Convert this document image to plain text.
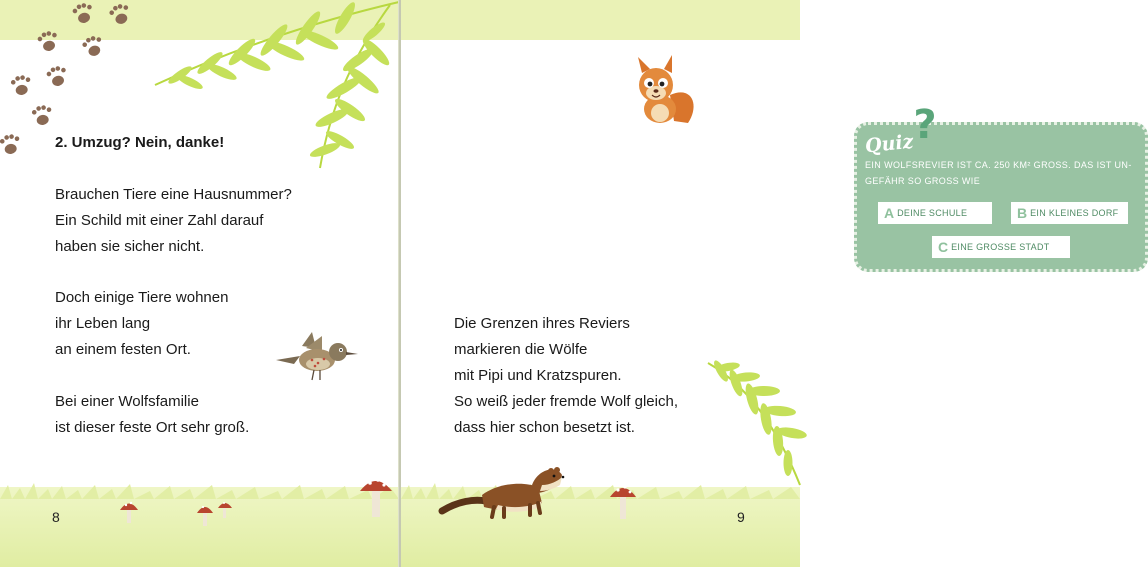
2. Umzug? Nein, danke!

Brauchen Tiere eine Hausnummer?
Ein Schild mit einer Zahl darauf
haben sie sicher nicht.

Doch einige Tiere wohnen
ihr Leben lang
an einem festen Ort.

Bei einer Wolfsfamilie
ist dieser feste Ort sehr groß.

8
Quiz
?

EIN WOLFSREVIER IST CA. 250 KM² GROSS. DAS IST UN- GEFÄHR SO GROSS WIE

A DEINE SCHULE	B EIN KLEINES DORF
C EINE GROSSE STADT

Die Grenzen ihres Reviers
markieren die Wölfe
mit Pipi und Kratzspuren.
So weiß jeder fremde Wolf gleich,
dass hier schon besetzt ist.

9
